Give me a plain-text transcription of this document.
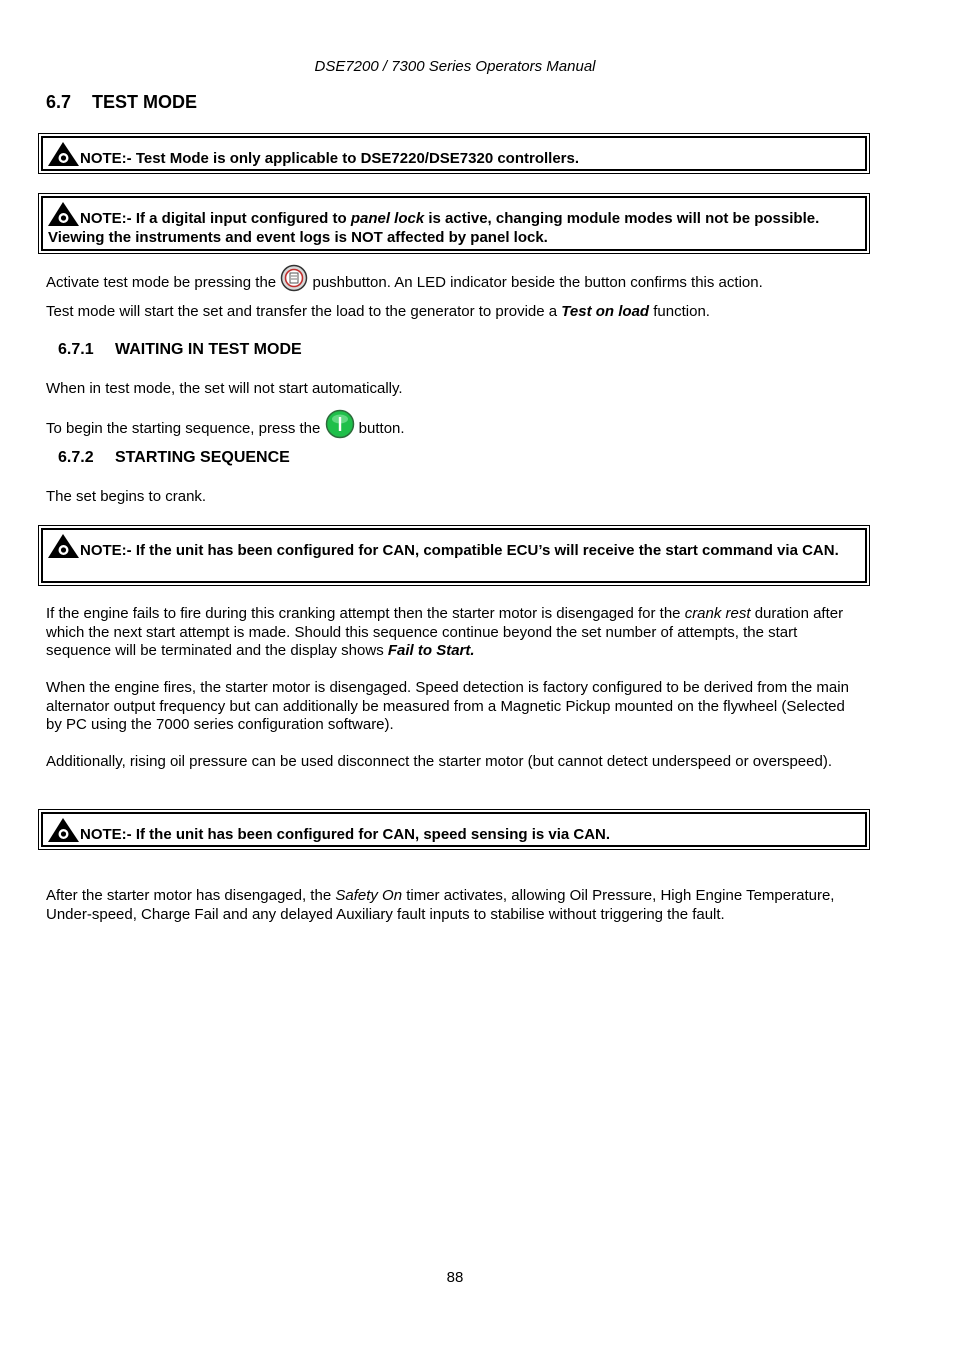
DSE7200 / 7300 Series Operators Manual
6.7 TEST MODE
NOTE:- Test Mode is only applicable to DSE7220/DSE7320 controllers.
NOTE:- If a digital input configured to panel lock is active, changing module modes will not be possible. Viewing the instruments and event logs is NOT affected by panel lock.
Activate test mode be pressing the  pushbutton. An LED indicator beside the button confirms this action.
Test mode will start the set and transfer the load to the generator to provide a Test on load function.
6.7.1 WAITING IN TEST MODE
When in test mode, the set will not start automatically.
To begin the starting sequence, press the  button.
6.7.2 STARTING SEQUENCE
The set begins to crank.
NOTE:- If the unit has been configured for CAN, compatible ECU’s will receive the start command via CAN.
If the engine fails to fire during this cranking attempt then the starter motor is disengaged for the crank rest duration after which the next start attempt is made. Should this sequence continue beyond the set number of attempts, the start sequence will be terminated and the display shows Fail to Start.
When the engine fires, the starter motor is disengaged. Speed detection is factory configured to be derived from the main alternator output frequency but can additionally be measured from a Magnetic Pickup mounted on the flywheel (Selected by PC using the 7000 series configuration software).
Additionally, rising oil pressure can be used disconnect the starter motor (but cannot detect underspeed or overspeed).
NOTE:- If the unit has been configured for CAN, speed sensing is via CAN.
After the starter motor has disengaged, the Safety On timer activates, allowing Oil Pressure, High Engine Temperature, Under-speed, Charge Fail and any delayed Auxiliary fault inputs to stabilise without triggering the fault.
88
